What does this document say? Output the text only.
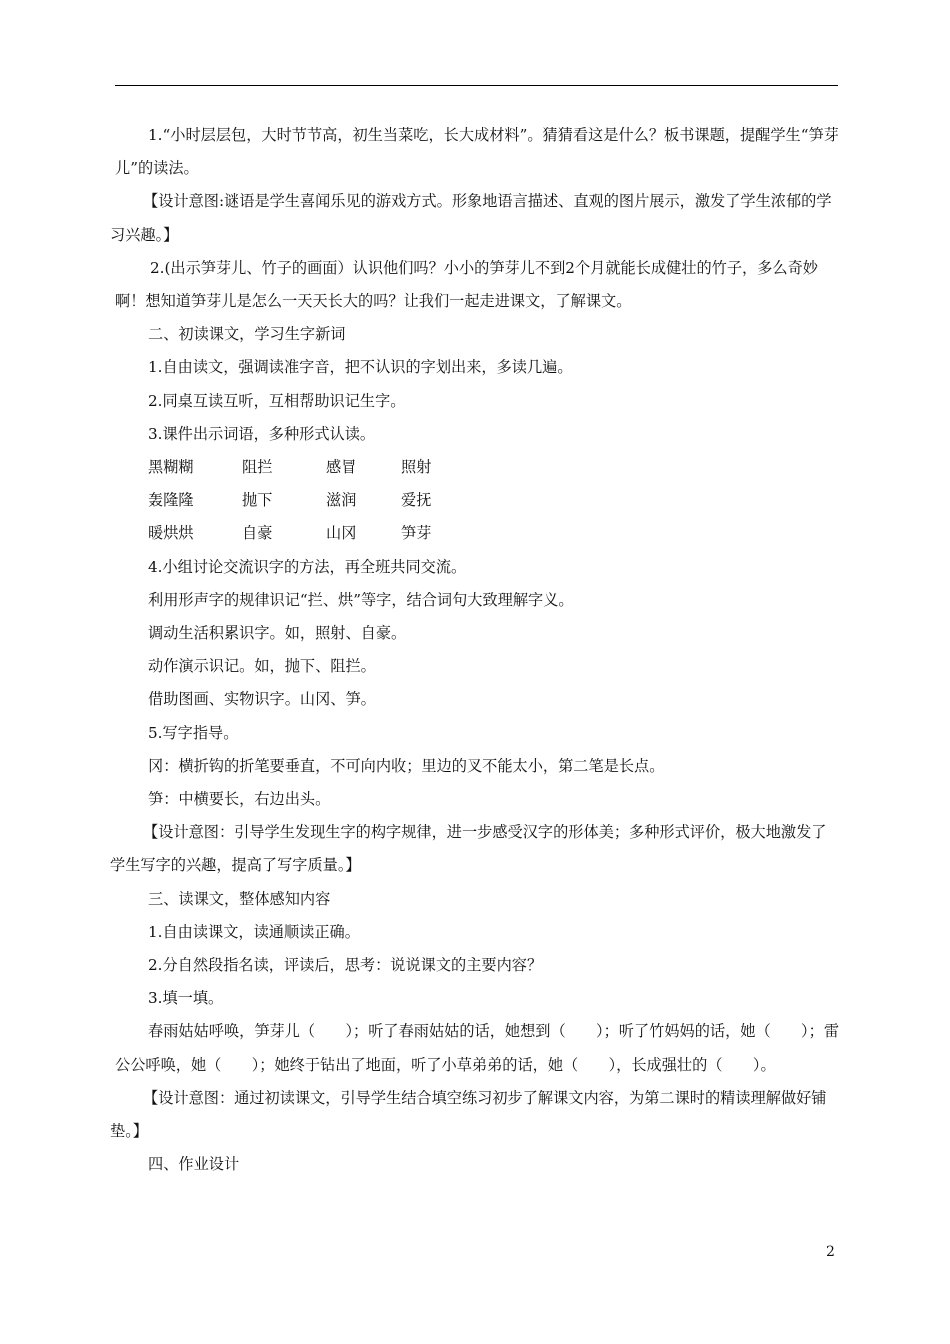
1.“小时层层包，大时节节高，初生当菜吃，长大成材料”。猜猜看这是什么？板书课题，提醒学生“笋芽儿”的读法。

【设计意图:谜语是学生喜闻乐见的游戏方式。形象地语言描述、直观的图片展示，激发了学生浓郁的学习兴趣。】

2.(出示笋芽儿、竹子的画面）认识他们吗？小小的笋芽儿不到2个月就能长成健壮的竹子，多么奇妙啊！想知道笋芽儿是怎么一天天长大的吗？让我们一起走进课文，了解课文。

二、初读课文，学习生字新词

1.自由读文，强调读准字音，把不认识的字划出来，多读几遍。

2.同桌互读互听，互相帮助识记生字。

3.课件出示词语，多种形式认读。

黑糊糊	阻拦	感冒	照射
轰隆隆	抛下	滋润	爱抚
暖烘烘	自豪	山冈	笋芽

4.小组讨论交流识字的方法，再全班共同交流。

利用形声字的规律识记“拦、烘”等字，结合词句大致理解字义。

调动生活积累识字。如，照射、自豪。

动作演示识记。如，抛下、阻拦。

借助图画、实物识字。山冈、笋。

5.写字指导。

冈：横折钩的折笔要垂直，不可向内收；里边的叉不能太小，第二笔是长点。

笋：中横要长，右边出头。

【设计意图：引导学生发现生字的构字规律，进一步感受汉字的形体美；多种形式评价，极大地激发了学生写字的兴趣，提高了写字质量。】

三、读课文，整体感知内容

1.自由读课文，读通顺读正确。

2.分自然段指名读，评读后，思考：说说课文的主要内容？

3.填一填。

春雨姑姑呼唤，笋芽儿（　　）；听了春雨姑姑的话，她想到（　　）；听了竹妈妈的话，她（　　）；雷公公呼唤，她（　　）；她终于钻出了地面，听了小草弟弟的话，她（　　），长成强壮的（　　）。

【设计意图：通过初读课文，引导学生结合填空练习初步了解课文内容，为第二课时的精读理解做好铺垫。】

四、作业设计

2
